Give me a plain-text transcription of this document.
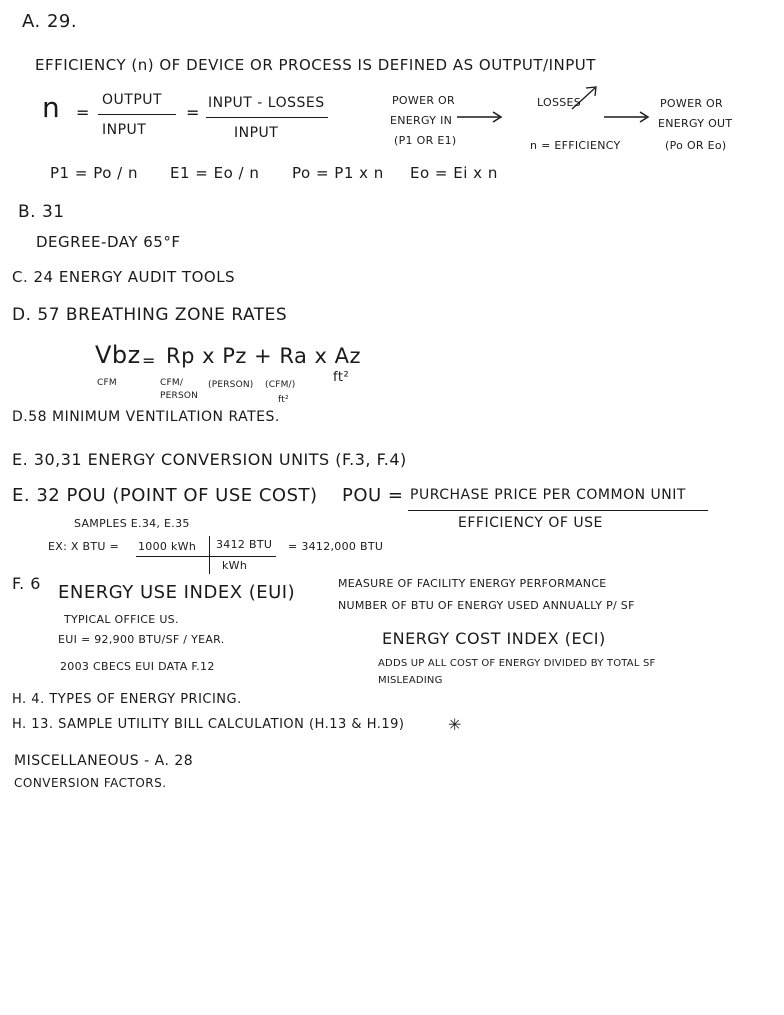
A. 29.
EFFICIENCY (n) OF DEVICE OR PROCESS IS DEFINED AS OUTPUT/INPUT
n =
OUTPUT
INPUT
= INPUT - LOSSES
INPUT
POWER OR
ENERGY IN
(P1 OR E1)
LOSSES
n = EFFICIENCY
POWER OR
ENERGY OUT
(Po OR Eo)
P1 = Po / n E1 = Eo / n Po = P1 x n Eo = Ei x n
B. 31
DEGREE-DAY 65°F
C. 24 ENERGY AUDIT TOOLS
D. 57 BREATHING ZONE RATES
Vbz = Rp x Pz + Ra x Az
ft²
CFM	CFM/
PERSON
(PERSON) (CFM/)
ft²
D.58 MINIMUM VENTILATION RATES.
E. 30,31 ENERGY CONVERSION UNITS (F.3, F.4)
E. 32 POU (POINT OF USE COST) POU = PURCHASE PRICE PER COMMON UNIT
EFFICIENCY OF USE
SAMPLES E.34, E.35
EX: X BTU = 1000 kWh 3412 BTU
kWh
= 3412,000 BTU
F. 6 ENERGY USE INDEX (EUI)	MEASURE OF FACILITY ENERGY PERFORMANCE
NUMBER OF BTU OF ENERGY USED ANNUALLY P/ SF
TYPICAL OFFICE US.
EUI = 92,900 BTU/SF / YEAR.
2003 CBECS EUI DATA F.12
ENERGY COST INDEX (ECI)
ADDS UP ALL COST OF ENERGY DIVIDED BY TOTAL SF
MISLEADING
H. 4. TYPES OF ENERGY PRICING.
H. 13. SAMPLE UTILITY BILL CALCULATION (H.13 & H.19)	✳
MISCELLANEOUS - A. 28
CONVERSION FACTORS.
